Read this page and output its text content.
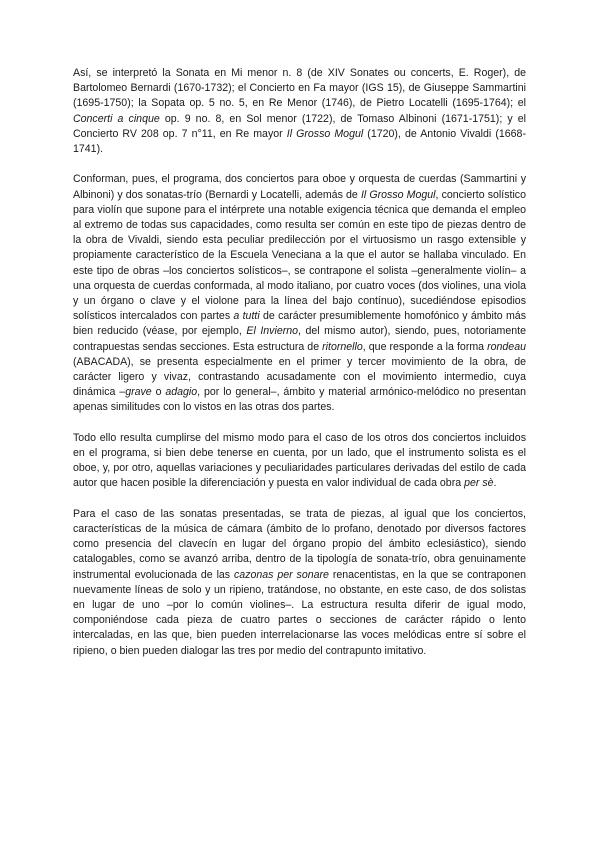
Así, se interpretó la Sonata en Mi menor n. 8 (de XIV Sonates ou concerts, E. Roger), de Bartolomeo Bernardi (1670-1732); el Concierto en Fa mayor (IGS 15), de Giuseppe Sammartini (1695-1750); la Sopata op. 5 no. 5, en Re Menor (1746), de Pietro Locatelli (1695-1764); el Concerti a cinque op. 9 no. 8, en Sol menor (1722), de Tomaso Albinoni (1671-1751); y el Concierto RV 208 op. 7 n°11, en Re mayor Il Grosso Mogul (1720), de Antonio Vivaldi (1668-1741).

Conforman, pues, el programa, dos conciertos para oboe y orquesta de cuerdas (Sammartini y Albinoni) y dos sonatas-trío (Bernardi y Locatelli, además de Il Grosso Mogul, concierto solístico para violín que supone para el intérprete una notable exigencia técnica que demanda el empleo al extremo de todas sus capacidades, como resulta ser común en este tipo de piezas dentro de la obra de Vivaldi, siendo esta peculiar predilección por el virtuosismo un rasgo extensible y propiamente característico de la Escuela Veneciana a la que el autor se hallaba vinculado. En este tipo de obras –los conciertos solísticos–, se contrapone el solista –generalmente violín– a una orquesta de cuerdas conformada, al modo italiano, por cuatro voces (dos violines, una viola y un órgano o clave y el violone para la línea del bajo contínuo), sucediéndose episodios solísticos intercalados con partes a tutti de carácter presumiblemente homofónico y ámbito más bien reducido (véase, por ejemplo, El Invierno, del mismo autor), siendo, pues, notoriamente contrapuestas sendas secciones. Esta estructura de ritornello, que responde a la forma rondeau (ABACADA), se presenta especialmente en el primer y tercer movimiento de la obra, de carácter ligero y vivaz, contrastando acusadamente con el movimiento intermedio, cuya dinámica –grave o adagio, por lo general–, ámbito y material armónico-melódico no presentan apenas similitudes con lo vistos en las otras dos partes.

Todo ello resulta cumplirse del mismo modo para el caso de los otros dos conciertos incluidos en el programa, si bien debe tenerse en cuenta, por un lado, que el instrumento solista es el oboe, y, por otro, aquellas variaciones y peculiaridades particulares derivadas del estilo de cada autor que hacen posible la diferenciación y puesta en valor individual de cada obra per sè.

Para el caso de las sonatas presentadas, se trata de piezas, al igual que los conciertos, características de la música de cámara (ámbito de lo profano, denotado por diversos factores como presencia del clavecín en lugar del órgano propio del ámbito eclesiástico), siendo catalogables, como se avanzó arriba, dentro de la tipología de sonata-trío, obra genuinamente instrumental evolucionada de las cazonas per sonare renacentistas, en la que se contraponen nuevamente líneas de solo y un ripieno, tratándose, no obstante, en este caso, de dos solistas en lugar de uno –por lo común violines–. La estructura resulta diferir de igual modo, componiéndose cada pieza de cuatro partes o secciones de carácter rápido o lento intercaladas, en las que, bien pueden interrelacionarse las voces melódicas entre sí sobre el ripieno, o bien pueden dialogar las tres por medio del contrapunto imitativo.
